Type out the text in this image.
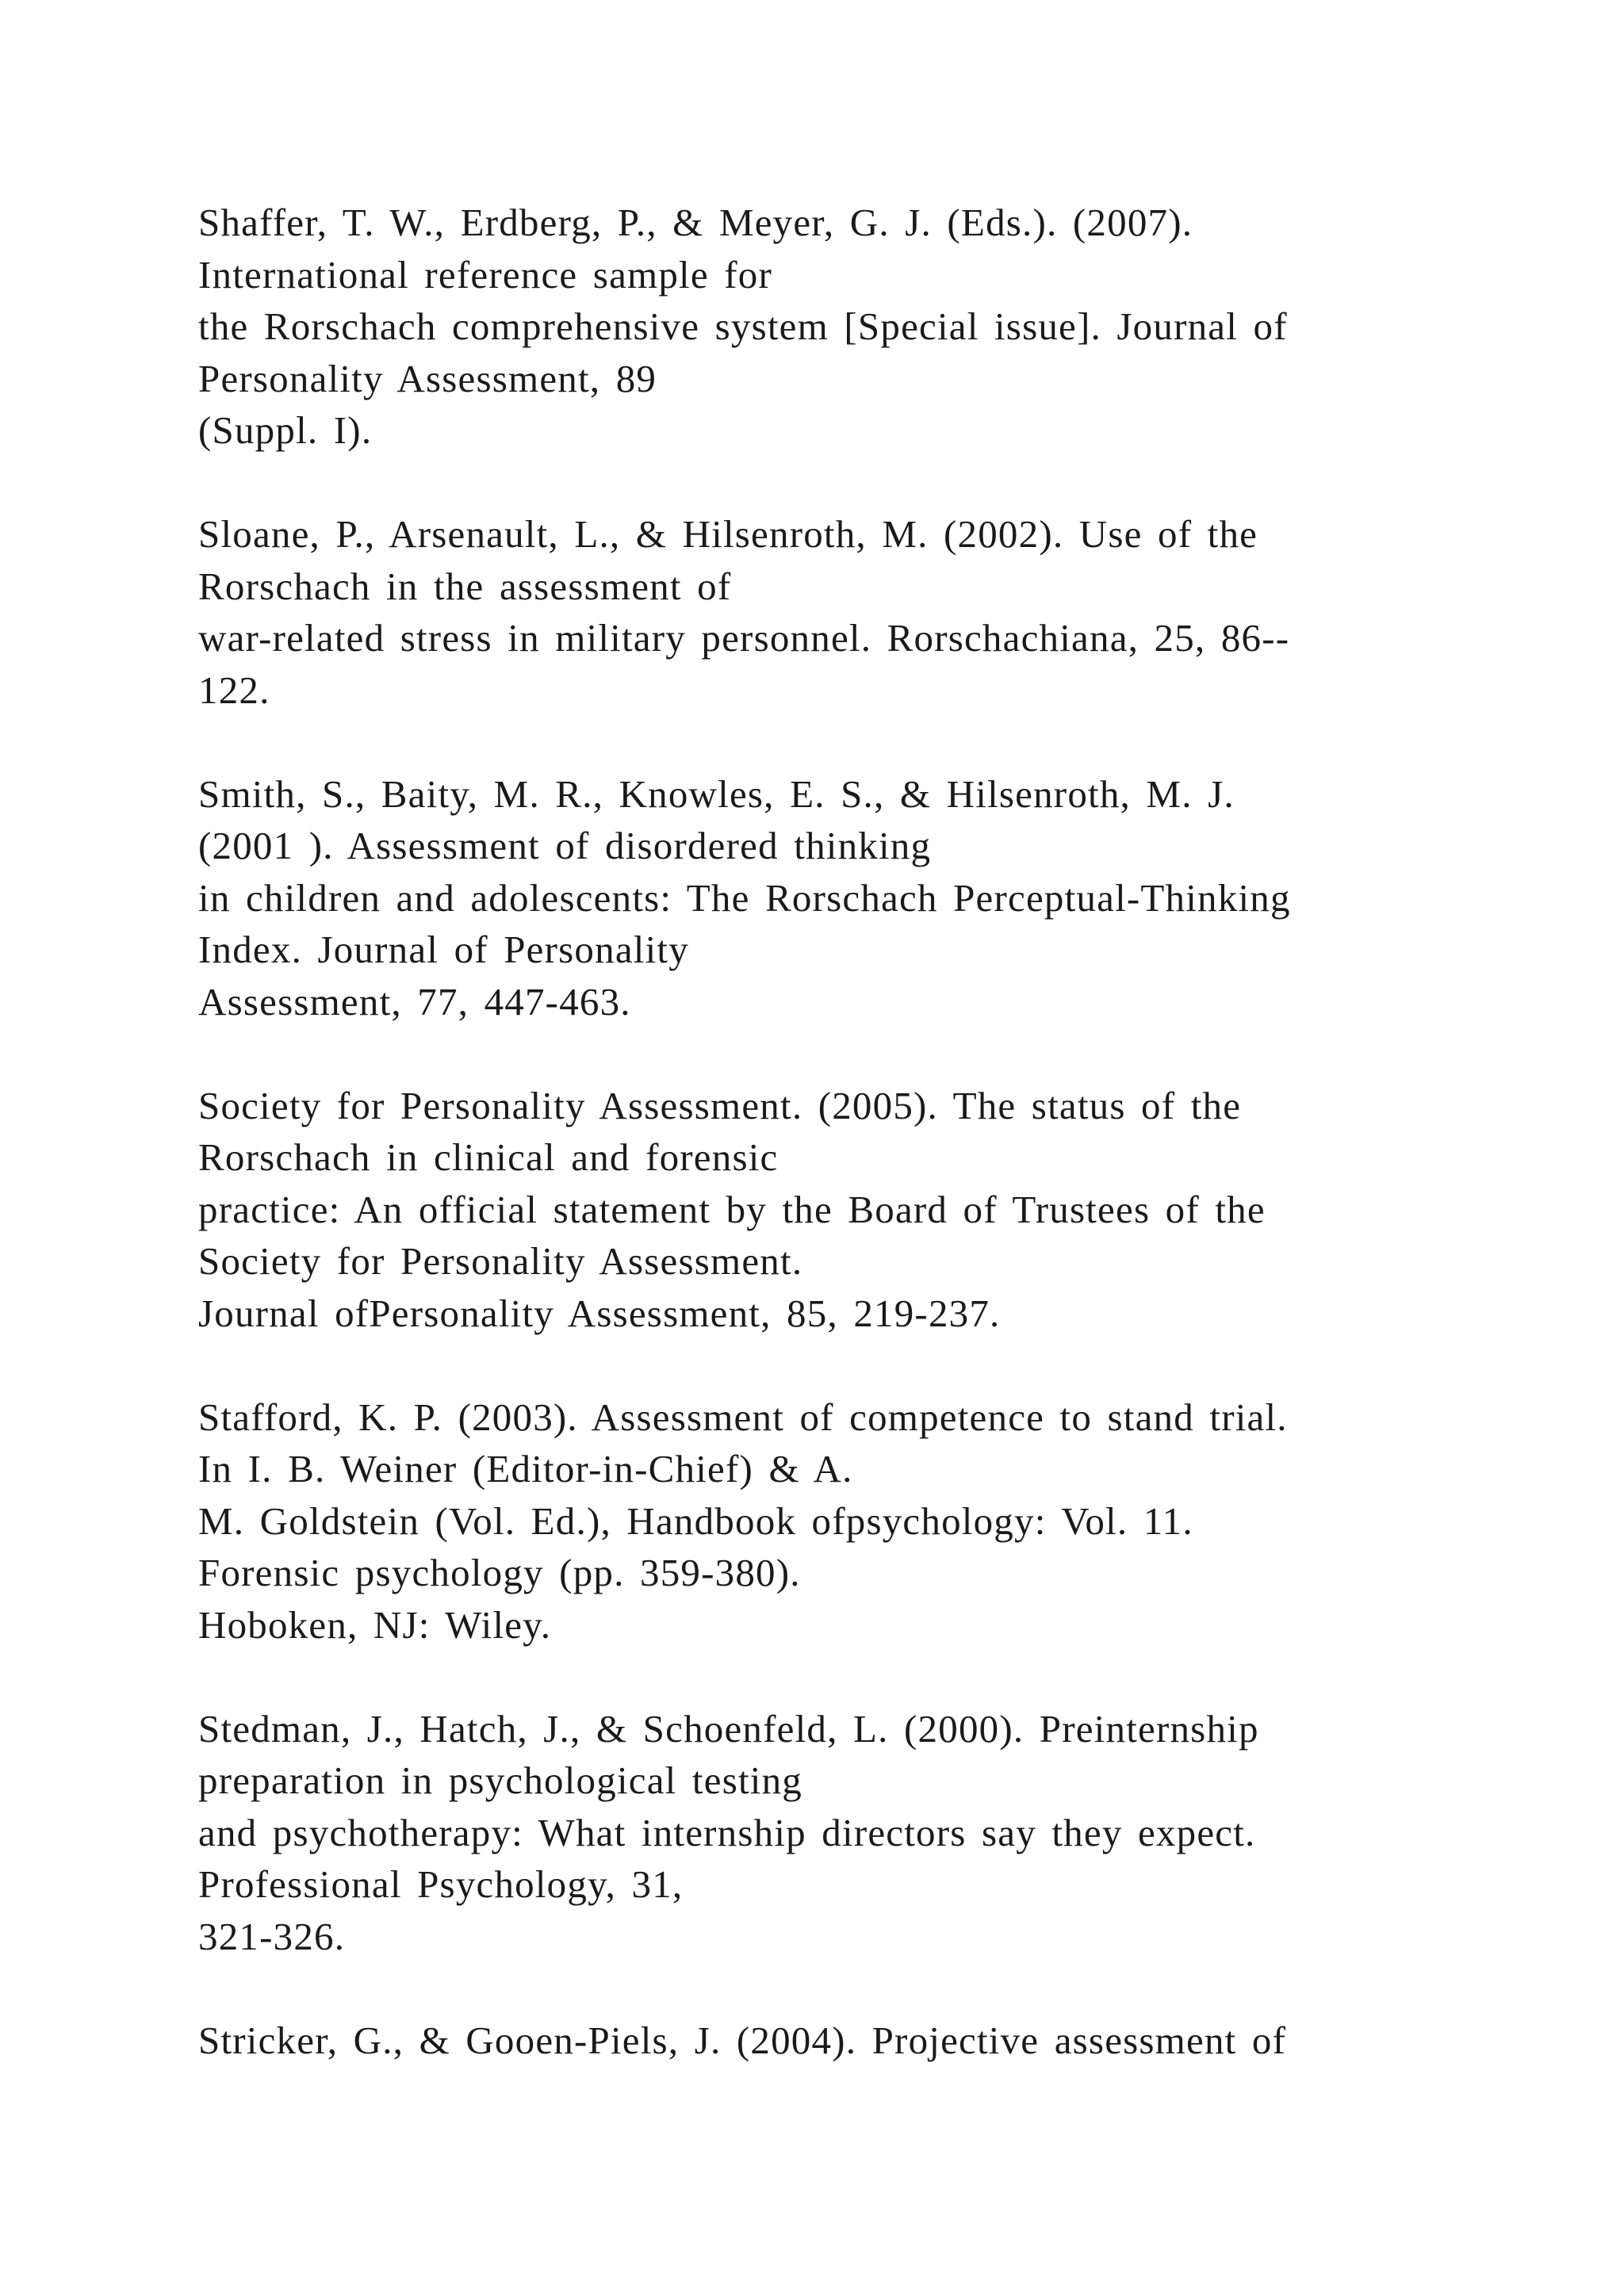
Shaffer, T. W., Erdberg, P., & Meyer, G. J. (Eds.). (2007).
International reference sample for
the Rorschach comprehensive system [Special issue]. Journal of
Personality Assessment, 89
(Suppl. I).
Sloane, P., Arsenault, L., & Hilsenroth, M. (2002). Use of the
Rorschach in the assessment of
war-related stress in military personnel. Rorschachiana, 25, 86--
122.
Smith, S., Baity, M. R., Knowles, E. S., & Hilsenroth, M. J.
(2001 ). Assessment of disordered thinking
in children and adolescents: The Rorschach Perceptual-Thinking
Index. Journal of Personality
Assessment, 77, 447-463.
Society for Personality Assessment. (2005). The status of the
Rorschach in clinical and forensic
practice: An official statement by the Board of Trustees of the
Society for Personality Assessment.
Journal ofPersonality Assessment, 85, 219-237.
Stafford, K. P. (2003). Assessment of competence to stand trial.
In I. B. Weiner (Editor-in-Chief) & A.
M. Goldstein (Vol. Ed.), Handbook ofpsychology: Vol. 11.
Forensic psychology (pp. 359-380).
Hoboken, NJ: Wiley.
Stedman, J., Hatch, J., & Schoenfeld, L. (2000). Preinternship
preparation in psychological testing
and psychotherapy: What internship directors say they expect.
Professional Psychology, 31,
321-326.
Stricker, G., & Gooen-Piels, J. (2004). Projective assessment of
